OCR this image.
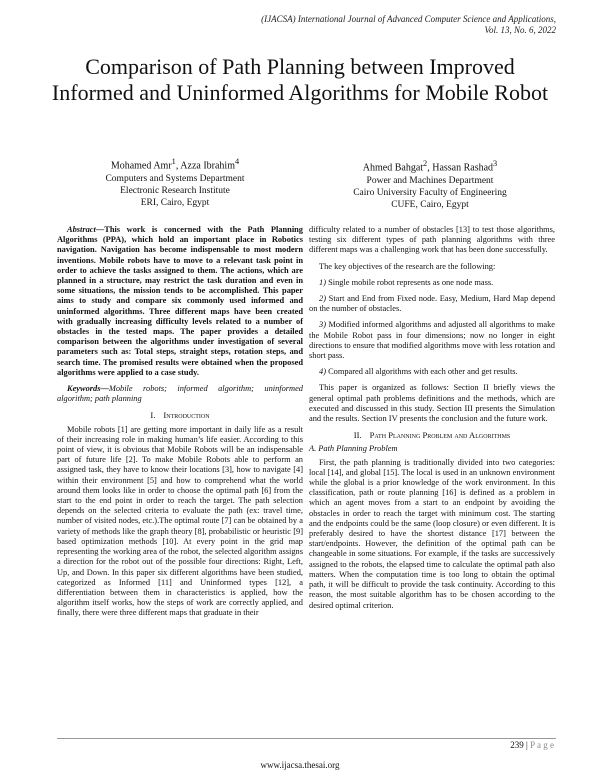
(IJACSA) International Journal of Advanced Computer Science and Applications,
Vol. 13, No. 6, 2022
Comparison of Path Planning between Improved Informed and Uninformed Algorithms for Mobile Robot
Mohamed Amr$^1$, Azza Ibrahim$^4$
Computers and Systems Department
Electronic Research Institute
ERI, Cairo, Egypt
Ahmed Bahgat$^2$, Hassan Rashad$^3$
Power and Machines Department
Cairo University Faculty of Engineering
CUFE, Cairo, Egypt

Abstract—This work is concerned with the Path Planning Algorithms (PPA), which hold an important place in Robotics navigation. Navigation has become indispensable to most modern inventions. Mobile robots have to move to a relevant task point in order to achieve the tasks assigned to them. The actions, which are planned in a structure, may restrict the task duration and even in some situations, the mission tends to be accomplished. This paper aims to study and compare six commonly used informed and uninformed algorithms. Three different maps have been created with gradually increasing difficulty levels related to a number of obstacles in the tested maps. The paper provides a detailed comparison between the algorithms under investigation of several parameters such as: Total steps, straight steps, rotation steps, and search time. The promised results were obtained when the proposed algorithms were applied to a case study.

Keywords—Mobile robots; informed algorithm; uninformed algorithm; path planning

I. Introduction

Mobile robots [1] are getting more important in daily life as a result of their increasing role in making human’s life easier. According to this point of view, it is obvious that Mobile Robots will be an indispensable part of future life [2]. To make Mobile Robots able to perform an assigned task, they have to know their locations [3], how to navigate [4] within their environment [5] and how to comprehend what the world around them looks like in order to choose the optimal path [6] from the start to the end point in order to reach the target. The path selection depends on the selected criteria to evaluate the path (ex: travel time, number of visited nodes, etc.).The optimal route [7] can be obtained by a variety of methods like the graph theory [8], probabilistic or heuristic [9] based optimization methods [10]. At every point in the grid map representing the working area of the robot, the selected algorithm assigns a direction for the robot out of the possible four directions: Right, Left, Up, and Down. In this paper six different algorithms have been studied, categorized as Informed [11] and Uninformed types [12], a differentiation between them in characteristics is applied, how the algorithm itself works, how the steps of work are correctly applied, and finally, there were three different maps that graduate in their

difficulty related to a number of obstacles [13] to test those algorithms, testing six different types of path planning algorithms with three different maps was a challenging work that has been done successfully.

The key objectives of the research are the following:

1) Single mobile robot represents as one node mass.

2) Start and End from Fixed node. Easy, Medium, Hard Map depend on the number of obstacles.

3) Modified informed algorithms and adjusted all algorithms to make the Mobile Robot pass in four dimensions; now no longer in eight directions to ensure that modified algorithms move with less rotation and short pass.

4) Compared all algorithms with each other and get results.

This paper is organized as follows: Section II briefly views the general optimal path problems definitions and the methods, which are executed and discussed in this study. Section III presents the Simulation and the results. Section IV presents the conclusion and the future work.

II. Path Planning Problem and Algorithms
A. Path Planning Problem

First, the path planning is traditionally divided into two categories: local [14], and global [15]. The local is used in an unknown environment while the global is a prior knowledge of the work environment. In this classification, path or route planning [16] is defined as a problem in which an agent moves from a start to an endpoint by avoiding the obstacles in order to reach the target with minimum cost. The starting and the endpoints could be the same (loop closure) or even different. It is preferably desired to have the shortest distance [17] between the start/endpoints. However, the definition of the optimal path can be changeable in some situations. For example, if the tasks are successively assigned to the robots, the elapsed time to calculate the optimal path also matters. When the computation time is too long to obtain the optimal path, it will be difficult to provide the task continuity. According to this reason, the most suitable algorithm has to be chosen according to the desired optimal criterion.

239 | P a g e
www.ijacsa.thesai.org
